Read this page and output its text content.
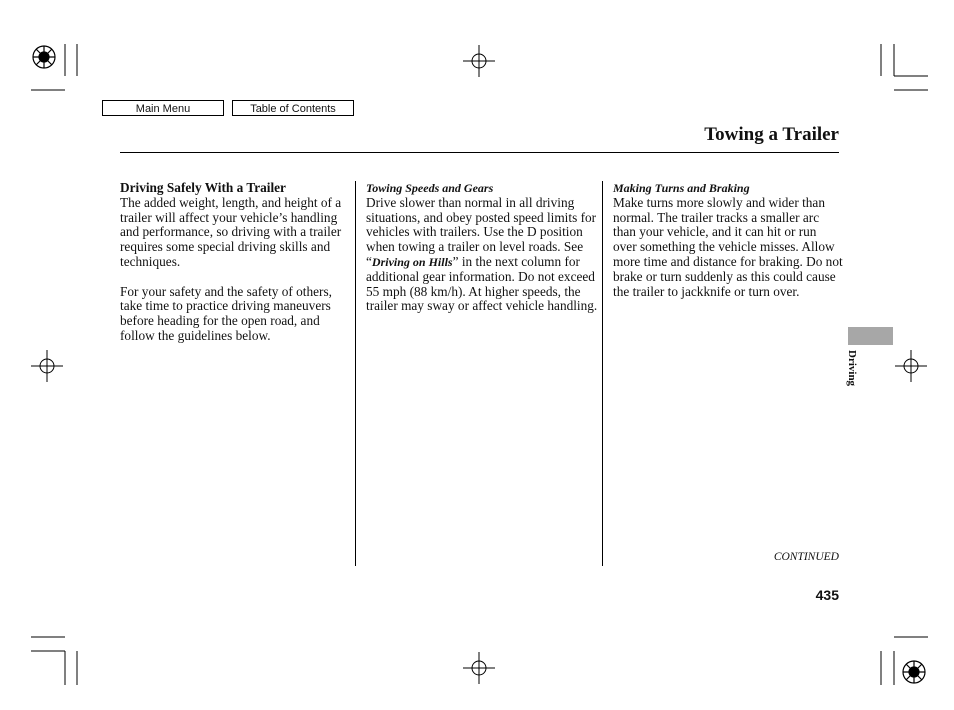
Main Menu	Table of Contents
Towing a Trailer
Driving Safely With a Trailer

The added weight, length, and height of a trailer will affect your vehicle’s handling and performance, so driving with a trailer requires some special driving skills and techniques.

For your safety and the safety of others, take time to practice driving maneuvers before heading for the open road, and follow the guidelines below.

Towing Speeds and Gears

Drive slower than normal in all driving situations, and obey posted speed limits for vehicles with trailers. Use the D position when towing a trailer on level roads. See “Driving on Hills” in the next column for additional gear information. Do not exceed 55 mph (88 km/h). At higher speeds, the trailer may sway or affect vehicle handling.

Making Turns and Braking

Make turns more slowly and wider than normal. The trailer tracks a smaller arc than your vehicle, and it can hit or run over something the vehicle misses. Allow more time and distance for braking. Do not brake or turn suddenly as this could cause the trailer to jackknife or turn over.

Driving
CONTINUED
435
